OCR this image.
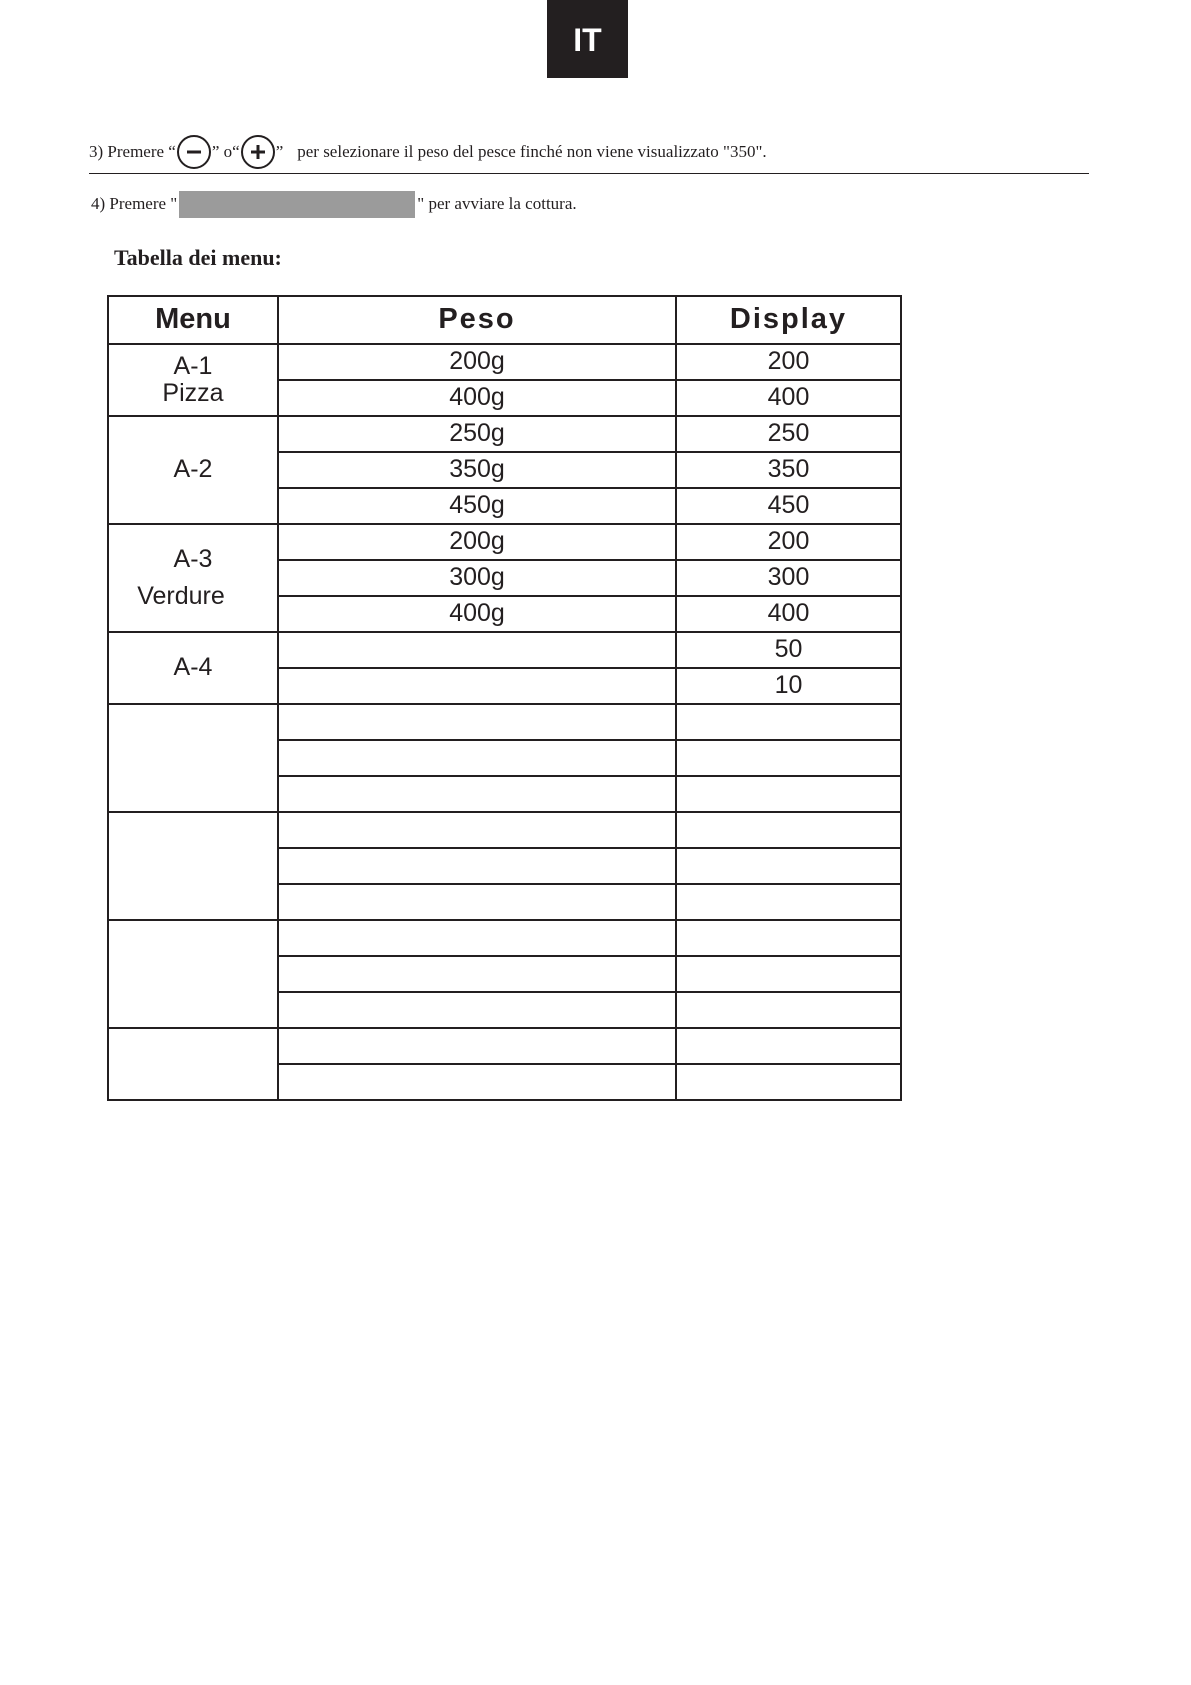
IT
3) Premere “ ” o“ ” per selezionare il peso del pesce finché non viene visualizzato "350".
4) Premere "	" per avviare la cottura.
Tabella dei menu:
Menu	Peso	Display

A-1
Pizza	200g	200
	400g	400

A-2	250g	250
	350g	350
	450g	450

A-3
Verdure	200g	200
	300g	300
	400g	400

A-4		50
		10
